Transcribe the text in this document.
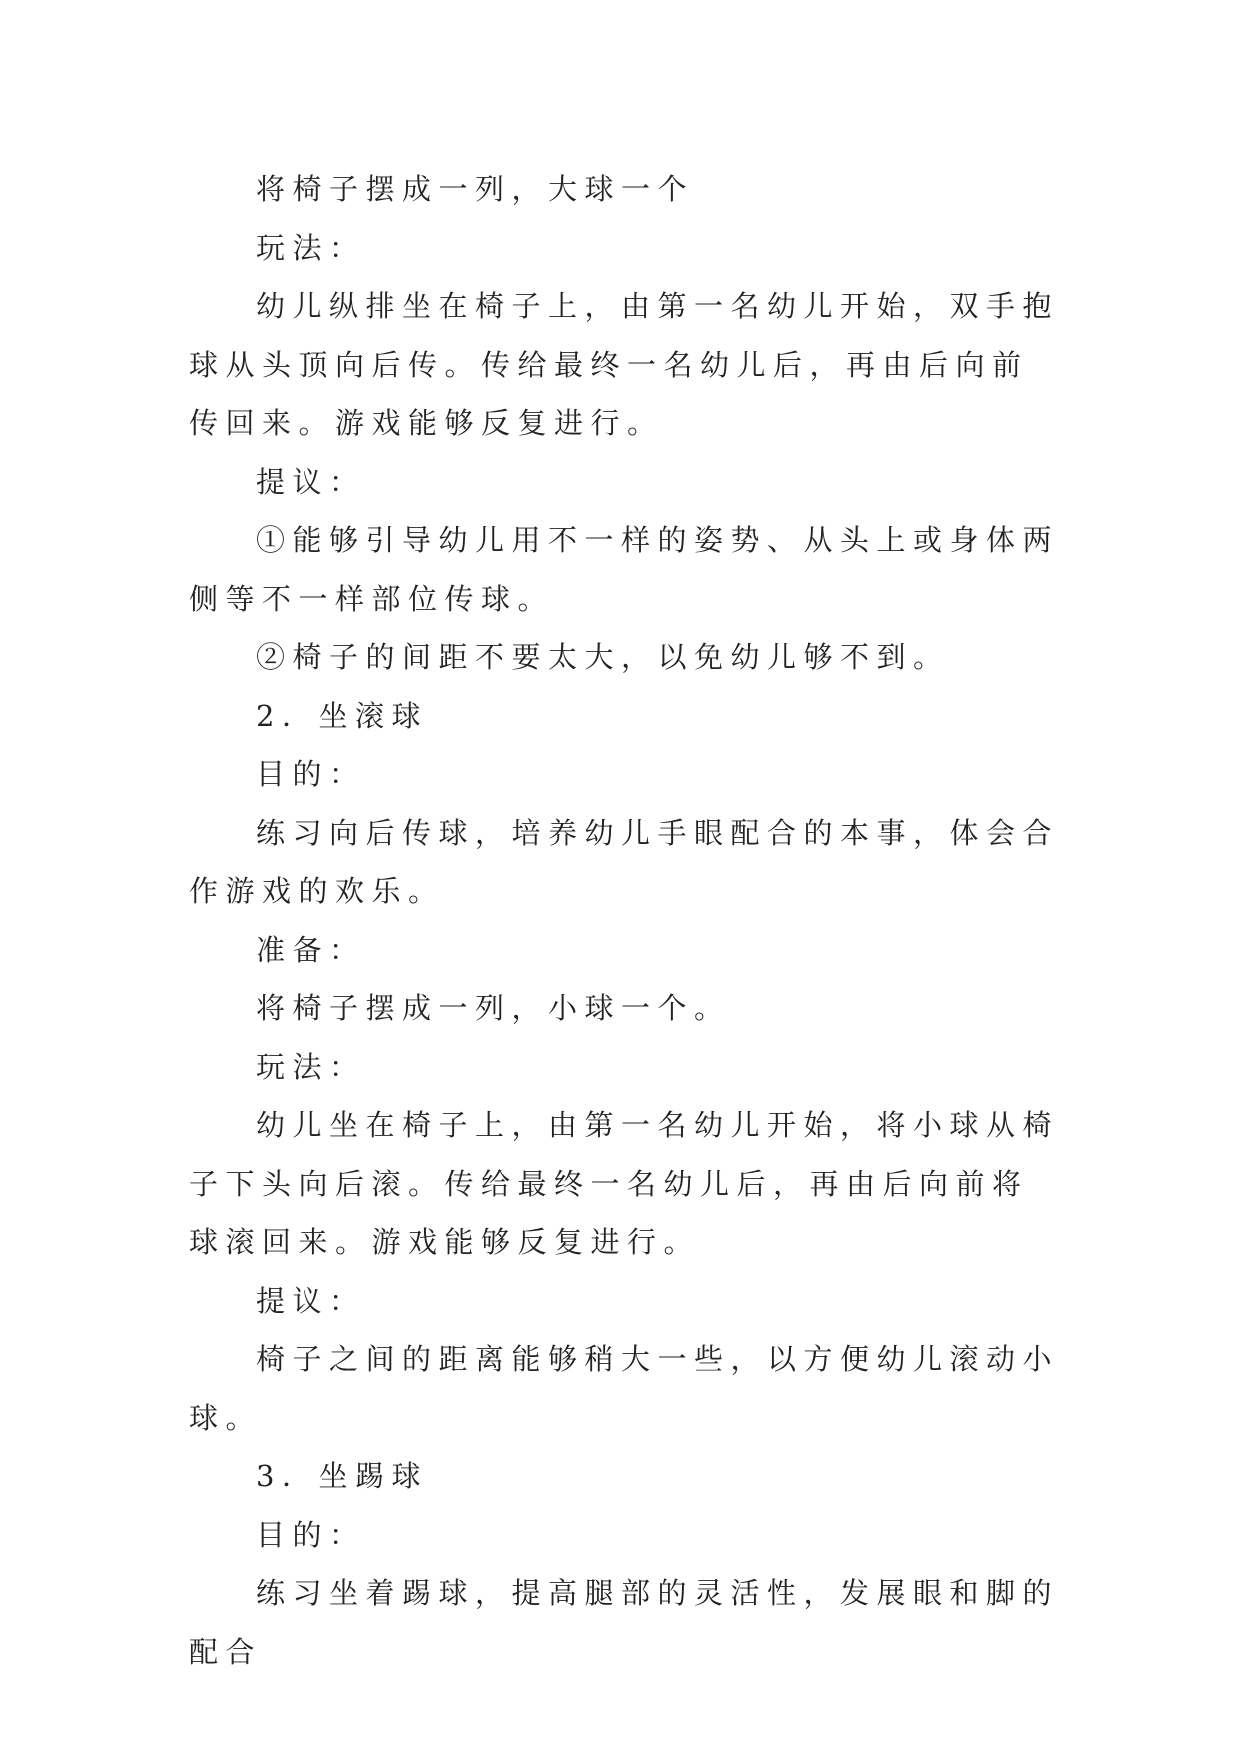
将椅子摆成一列，大球一个

玩法：

幼儿纵排坐在椅子上，由第一名幼儿开始，双手抱球从头顶向后传。传给最终一名幼儿后，再由后向前传回来。游戏能够反复进行。

提议：

①能够引导幼儿用不一样的姿势、从头上或身体两侧等不一样部位传球。

②椅子的间距不要太大，以免幼儿够不到。

2．坐滚球

目的：

练习向后传球，培养幼儿手眼配合的本事，体会合作游戏的欢乐。

准备：

将椅子摆成一列，小球一个。

玩法：

幼儿坐在椅子上，由第一名幼儿开始，将小球从椅子下头向后滚。传给最终一名幼儿后，再由后向前将球滚回来。游戏能够反复进行。

提议：

椅子之间的距离能够稍大一些，以方便幼儿滚动小球。

3．坐踢球

目的：

练习坐着踢球，提高腿部的灵活性，发展眼和脚的配合
